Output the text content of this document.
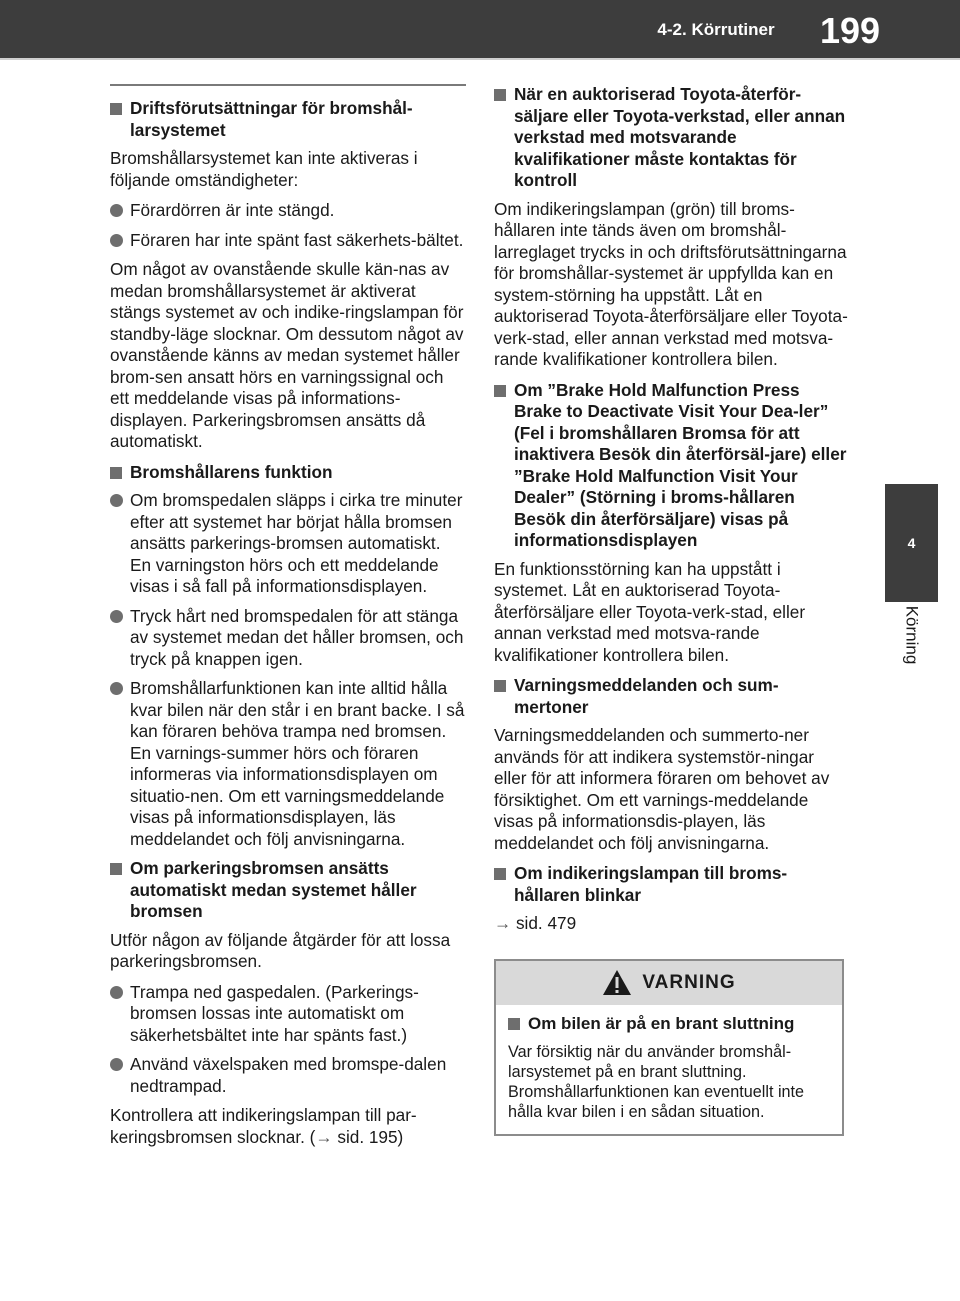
4-2. Körrutiner	199
4
Körning
Driftsförutsättningar för bromshål-larsystemet

Bromshållarsystemet kan inte aktiveras i följande omständigheter:

Förardörren är inte stängd.
Föraren har inte spänt fast säkerhets-bältet.

Om något av ovanstående skulle kän-nas av medan bromshållarsystemet är aktiverat stängs systemet av och indike-ringslampan för standby-läge slocknar. Om dessutom något av ovanstående känns av medan systemet håller brom-sen ansatt hörs en varningssignal och ett meddelande visas på informations-displayen. Parkeringsbromsen ansätts då automatiskt.

Bromshållarens funktion
Om bromspedalen släpps i cirka tre minuter efter att systemet har börjat hålla bromsen ansätts parkerings-bromsen automatiskt. En varningston hörs och ett meddelande visas i så fall på informationsdisplayen.
Tryck hårt ned bromspedalen för att stänga av systemet medan det håller bromsen, och tryck på knappen igen.
Bromshållarfunktionen kan inte alltid hålla kvar bilen när den står i en brant backe. I så kan föraren behöva trampa ned bromsen. En varnings-summer hörs och föraren informeras via informationsdisplayen om situatio-nen. Om ett varningsmeddelande visas på informationsdisplayen, läs meddelandet och följ anvisningarna.
Om parkeringsbromsen ansätts automatiskt medan systemet håller bromsen

Utför någon av följande åtgärder för att lossa parkeringsbromsen.

Trampa ned gaspedalen. (Parkerings-bromsen lossas inte automatiskt om säkerhetsbältet inte har spänts fast.)
Använd växelspaken med bromspe-dalen nedtrampad.

Kontrollera att indikeringslampan till par-keringsbromsen slocknar. (→ sid. 195)

När en auktoriserad Toyota-återför-säljare eller Toyota-verkstad, eller annan verkstad med motsvarande kvalifikationer måste kontaktas för kontroll

Om indikeringslampan (grön) till broms-hållaren inte tänds även om bromshål-larreglaget trycks in och driftsförutsättningarna för bromshållar-systemet är uppfyllda kan en system-störning ha uppstått. Låt en auktoriserad Toyota-återförsäljare eller Toyota-verk-stad, eller annan verkstad med motsva-rande kvalifikationer kontrollera bilen.

Om ”Brake Hold Malfunction Press Brake to Deactivate Visit Your Dea-ler” (Fel i bromshållaren Bromsa för att inaktivera Besök din återförsäl-jare) eller ”Brake Hold Malfunction Visit Your Dealer” (Störning i broms-hållaren Besök din återförsäljare) visas på informationsdisplayen

En funktionsstörning kan ha uppstått i systemet. Låt en auktoriserad Toyota-återförsäljare eller Toyota-verk-stad, eller annan verkstad med motsva-rande kvalifikationer kontrollera bilen.

Varningsmeddelanden och sum-mertoner

Varningsmeddelanden och summerto-ner används för att indikera systemstör-ningar eller för att informera föraren om behovet av försiktighet. Om ett varnings-meddelande visas på informationsdis-playen, läs meddelandet och följ anvisningarna.

Om indikeringslampan till broms-hållaren blinkar

→ sid. 479

VARNING
Om bilen är på en brant sluttning

Var försiktig när du använder bromshål-larsystemet på en brant sluttning. Bromshållarfunktionen kan eventuellt inte hålla kvar bilen i en sådan situation.
